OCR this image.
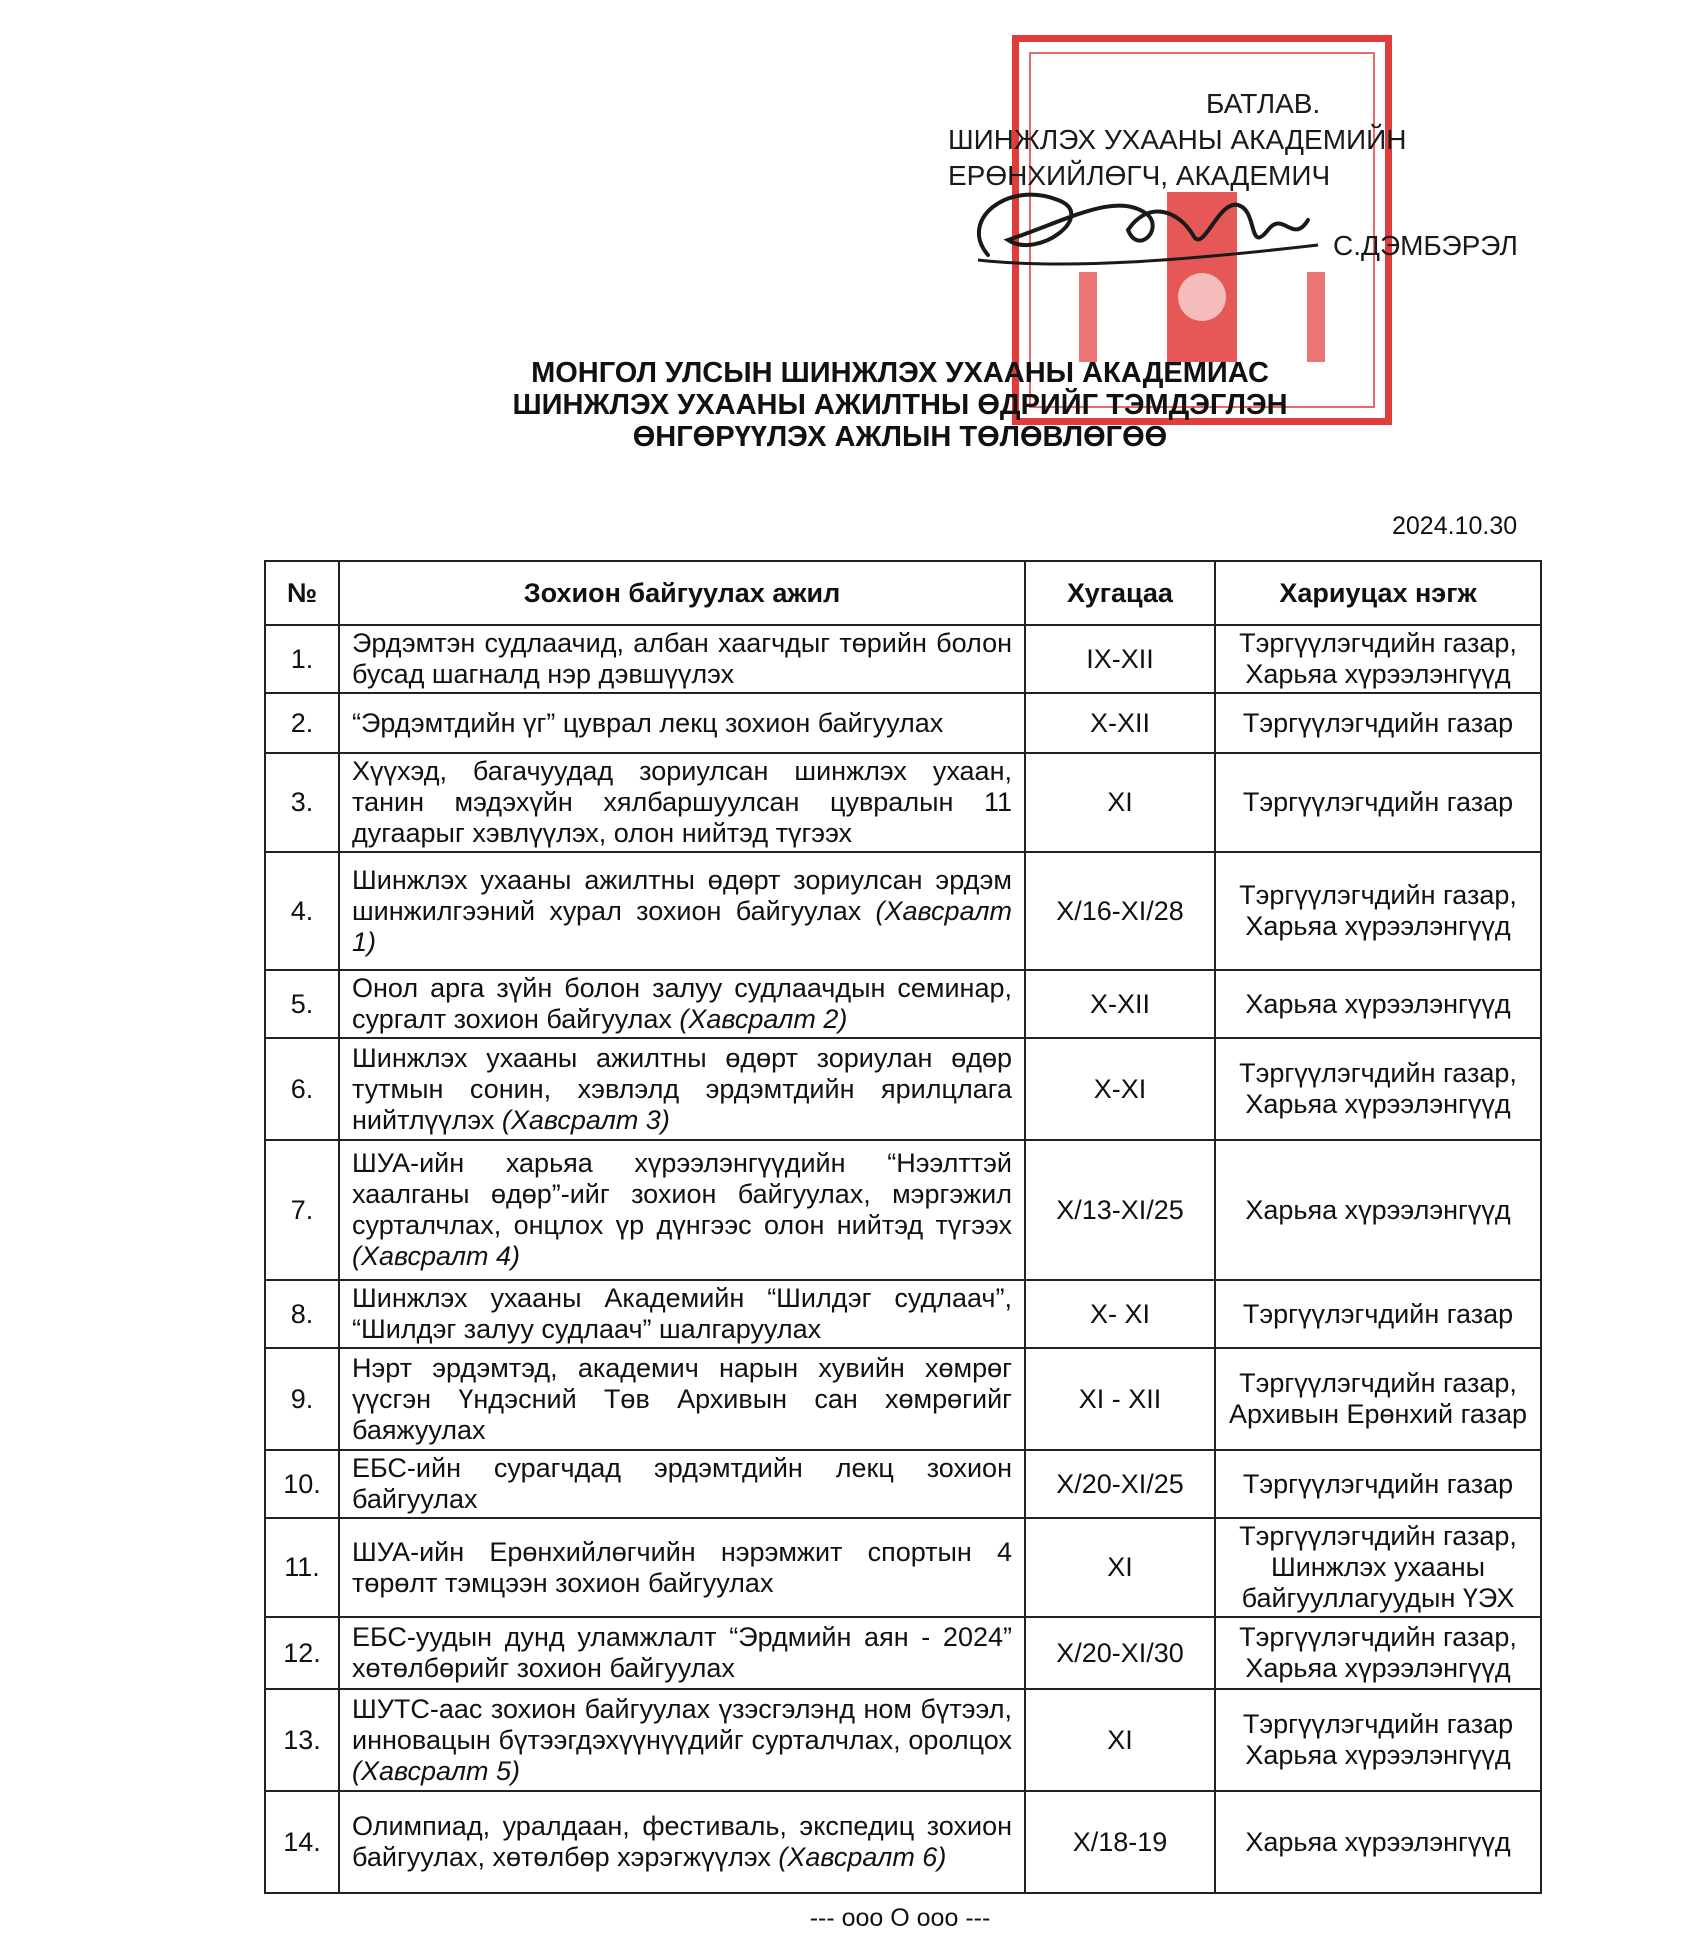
БАТЛАВ.
ШИНЖЛЭХ УХААНЫ АКАДЕМИЙН
ЕРӨНХИЙЛӨГЧ, АКАДЕМИЧ
С.ДЭМБЭРЭЛ
МОНГОЛ УЛСЫН ШИНЖЛЭХ УХААНЫ АКАДЕМИАС
ШИНЖЛЭХ УХААНЫ АЖИЛТНЫ ӨДРИЙГ ТЭМДЭГЛЭН
ӨНГӨРҮҮЛЭХ АЖЛЫН ТӨЛӨВЛӨГӨӨ
2024.10.30
№	Зохион байгуулах ажил	Хугацаа	Хариуцах нэгж
1.	Эрдэмтэн судлаачид, албан хаагчдыг төрийн болон бусад шагналд нэр дэвшүүлэх	IX-XII	Тэргүүлэгчдийн газар, Харьяа хүрээлэнгүүд
2.	“Эрдэмтдийн үг” цуврал лекц зохион байгуулах	X-XII	Тэргүүлэгчдийн газар
3.	Хүүхэд, багачуудад зориулсан шинжлэх ухаан, танин мэдэхүйн хялбаршуулсан цувралын 11 дугаарыг хэвлүүлэх, олон нийтэд түгээх	XI	Тэргүүлэгчдийн газар
4.	Шинжлэх ухааны ажилтны өдөрт зориулсан эрдэм шинжилгээний хурал зохион байгуулах (Хавсралт 1)	X/16-XI/28	Тэргүүлэгчдийн газар, Харьяа хүрээлэнгүүд
5.	Онол арга зүйн болон залуу судлаачдын семинар, сургалт зохион байгуулах (Хавсралт 2)	X-XII	Харьяа хүрээлэнгүүд
6.	Шинжлэх ухааны ажилтны өдөрт зориулан өдөр тутмын сонин, хэвлэлд эрдэмтдийн ярилцлага нийтлүүлэх (Хавсралт 3)	X-XI	Тэргүүлэгчдийн газар, Харьяа хүрээлэнгүүд
7.	ШУА-ийн харьяа хүрээлэнгүүдийн “Нээлттэй хаалганы өдөр”-ийг зохион байгуулах, мэргэжил сурталчлах, онцлох үр дүнгээс олон нийтэд түгээх (Хавсралт 4)	X/13-XI/25	Харьяа хүрээлэнгүүд
8.	Шинжлэх ухааны Академийн “Шилдэг судлаач”, “Шилдэг залуу судлаач” шалгаруулах	X- XI	Тэргүүлэгчдийн газар
9.	Нэрт эрдэмтэд, академич нарын хувийн хөмрөг үүсгэн Үндэсний Төв Архивын сан хөмрөгийг баяжуулах	XI - XII	Тэргүүлэгчдийн газар, Архивын Ерөнхий газар
10.	ЕБС-ийн сурагчдад эрдэмтдийн лекц зохион байгуулах	X/20-XI/25	Тэргүүлэгчдийн газар
11.	ШУА-ийн Ерөнхийлөгчийн нэрэмжит спортын 4 төрөлт тэмцээн зохион байгуулах	XI	Тэргүүлэгчдийн газар, Шинжлэх ухааны байгууллагуудын ҮЭХ
12.	ЕБС-уудын дунд уламжлалт “Эрдмийн аян - 2024” хөтөлбөрийг зохион байгуулах	X/20-XI/30	Тэргүүлэгчдийн газар, Харьяа хүрээлэнгүүд
13.	ШУТС-аас зохион байгуулах үзэсгэлэнд ном бүтээл, инновацын бүтээгдэхүүнүүдийг сурталчлах, оролцох (Хавсралт 5)	XI	Тэргүүлэгчдийн газар Харьяа хүрээлэнгүүд
14.	Олимпиад, уралдаан, фестиваль, экспедиц зохион байгуулах, хөтөлбөр хэрэгжүүлэх (Хавсралт 6)	X/18-19	Харьяа хүрээлэнгүүд
--- ооо О ооо ---
